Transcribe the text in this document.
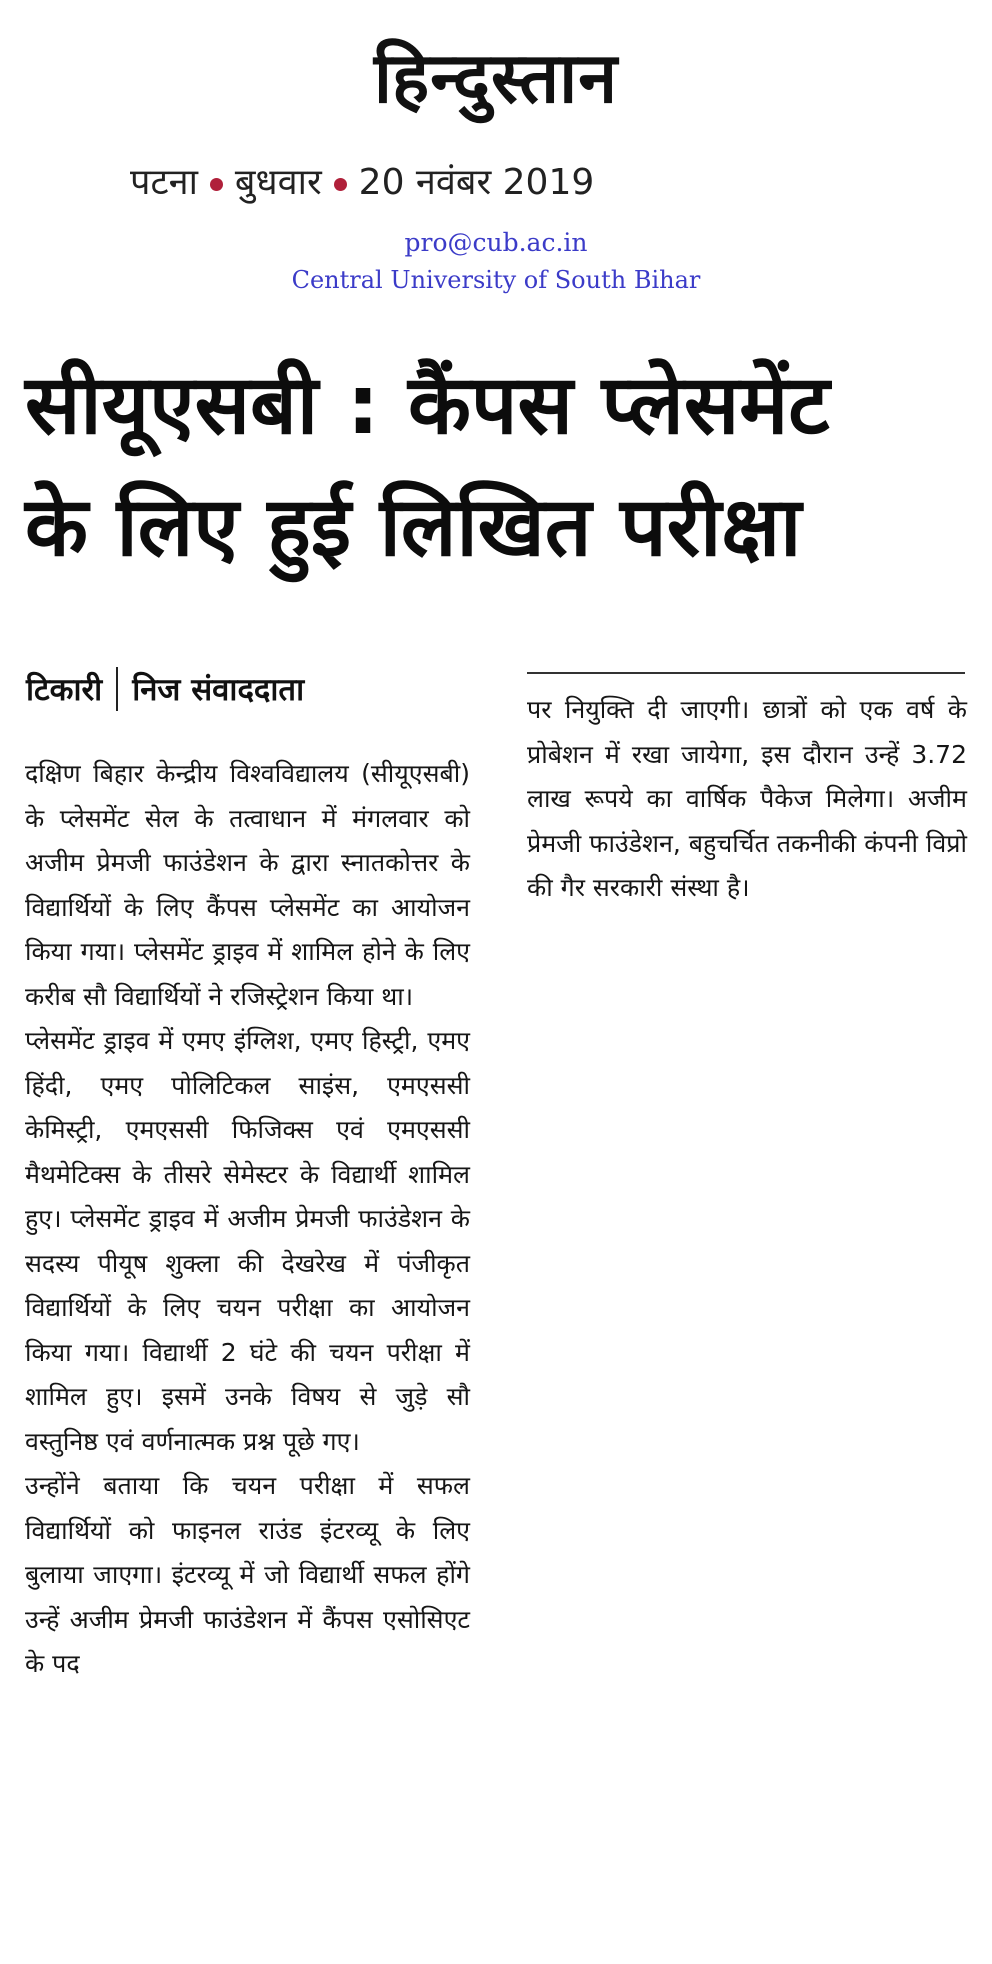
हिन्दुस्तान
पटना बुधवार 20 नवंबर 2019
pro@cub.ac.in
Central University of South Bihar
सीयूएसबी : कैंपस प्लेसमेंट
के लिए हुई लिखित परीक्षा
टिकारी निज संवाददाता

दक्षिण बिहार केन्द्रीय विश्वविद्यालय (सीयूएसबी) के प्लेसमेंट सेल के तत्वाधान में मंगलवार को अजीम प्रेमजी फाउंडेशन के द्वारा स्नातकोत्तर के विद्यार्थियों के लिए कैंपस प्लेसमेंट का आयोजन किया गया। प्लेसमेंट ड्राइव में शामिल होने के लिए करीब सौ विद्यार्थियों ने रजिस्ट्रेशन किया था।

प्लेसमेंट ड्राइव में एमए इंग्लिश, एमए हिस्ट्री, एमए हिंदी, एमए पोलिटिकल साइंस, एमएससी केमिस्ट्री, एमएससी फिजिक्स एवं एमएससी मैथमेटिक्स के तीसरे सेमेस्टर के विद्यार्थी शामिल हुए। प्लेसमेंट ड्राइव में अजीम प्रेमजी फाउंडेशन के सदस्य पीयूष शुक्ला की देखरेख में पंजीकृत विद्यार्थियों के लिए चयन परीक्षा का आयोजन किया गया। विद्यार्थी 2 घंटे की चयन परीक्षा में शामिल हुए। इसमें उनके विषय से जुड़े सौ वस्तुनिष्ठ एवं वर्णनात्मक प्रश्न पूछे गए।

उन्होंने बताया कि चयन परीक्षा में सफल विद्यार्थियों को फाइनल राउंड इंटरव्यू के लिए बुलाया जाएगा। इंटरव्यू में जो विद्यार्थी सफल होंगे उन्हें अजीम प्रेमजी फाउंडेशन में कैंपस एसोसिएट के पद

पर नियुक्ति दी जाएगी। छात्रों को एक वर्ष के प्रोबेशन में रखा जायेगा, इस दौरान उन्हें 3.72 लाख रूपये का वार्षिक पैकेज मिलेगा। अजीम प्रेमजी फाउंडेशन, बहुचर्चित तकनीकी कंपनी विप्रो की गैर सरकारी संस्था है।
